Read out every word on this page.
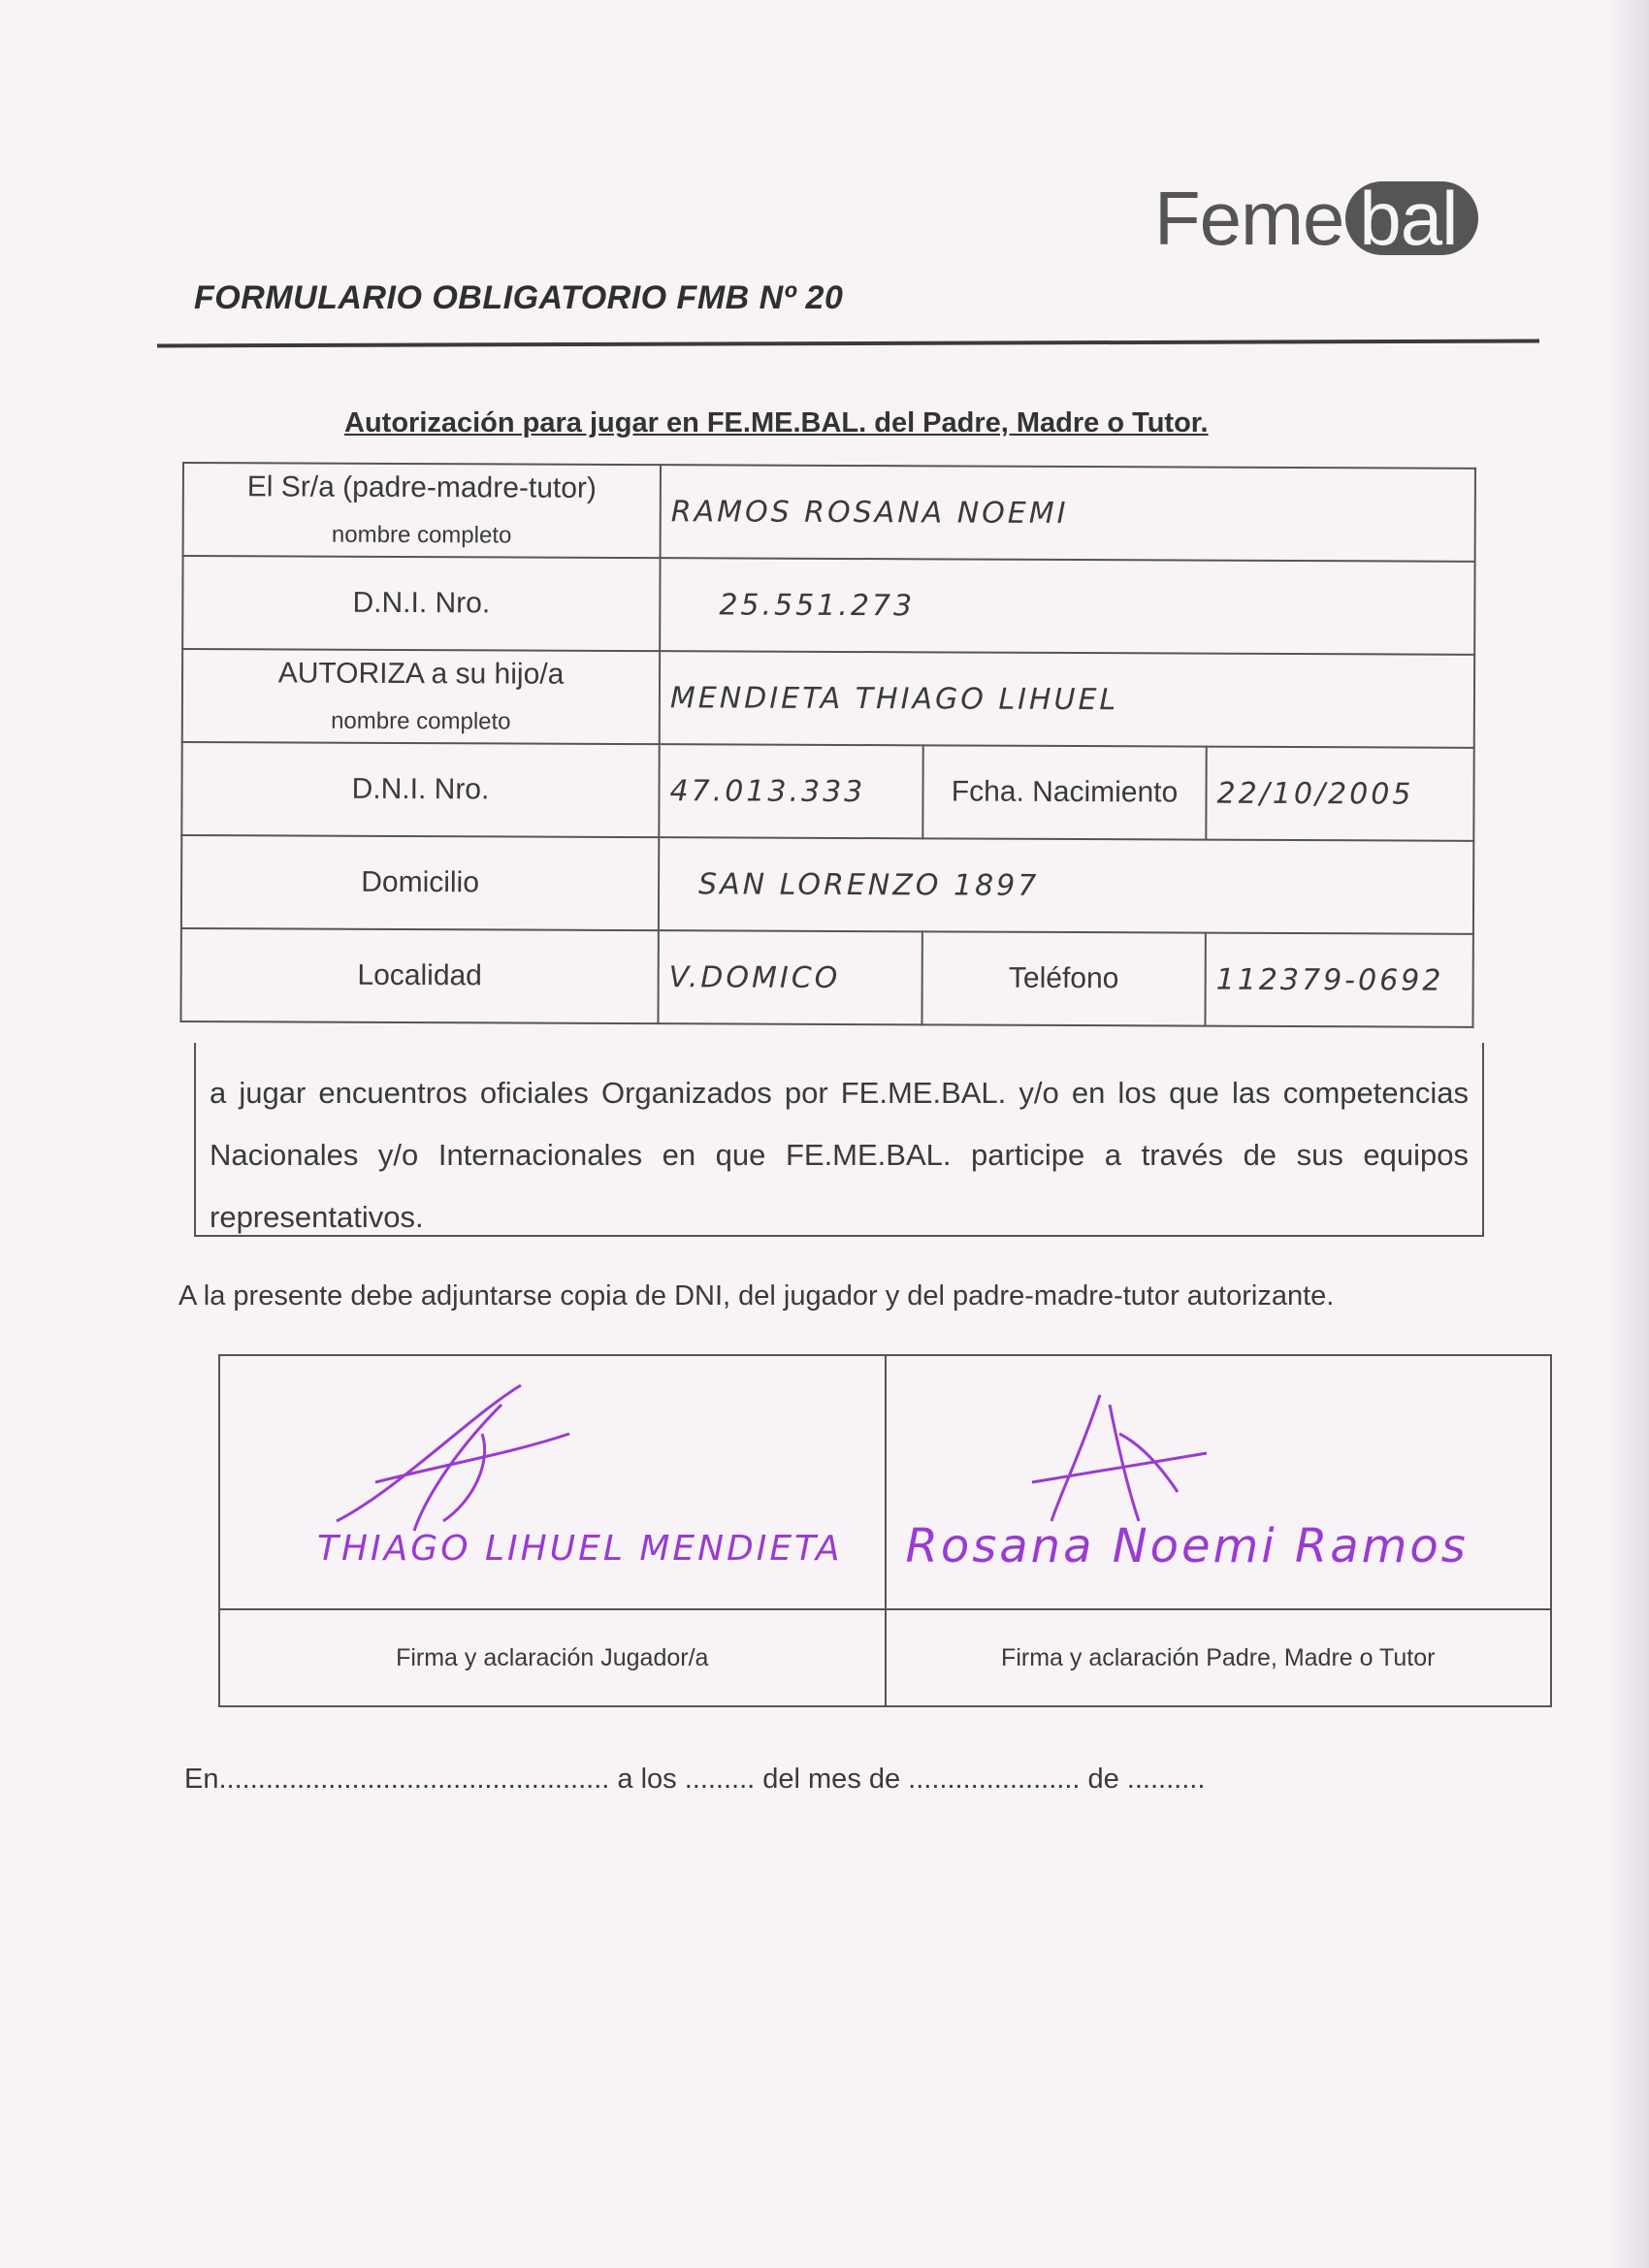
Feme bal
FORMULARIO OBLIGATORIO FMB Nº 20
Autorización para jugar en FE.ME.BAL. del Padre, Madre o Tutor.
El Sr/a (padre-madre-tutor)
nombre completo	RAMOS ROSANA NOEMI		
D.N.I. Nro.	25.551.273		
AUTORIZA a su hijo/a
nombre completo	MENDIETA THIAGO LIHUEL		
D.N.I. Nro.	47.013.333	Fcha. Nacimiento	22/10/2005
Domicilio	SAN LORENZO 1897		
Localidad	V.DOMICO	Teléfono	112379-0692
a jugar encuentros oficiales Organizados por FE.ME.BAL. y/o en los que las competencias Nacionales y/o Internacionales en que FE.ME.BAL. participe a través de sus equipos representativos.
A la presente debe adjuntarse copia de DNI, del jugador y del padre-madre-tutor autorizante.
THIAGO LIHUEL MENDIETA	Rosana Noemi Ramos

Firma y aclaración Jugador/a	Firma y aclaración Padre, Madre o Tutor
En.................................................. a los ......... del mes de ...................... de ..........
